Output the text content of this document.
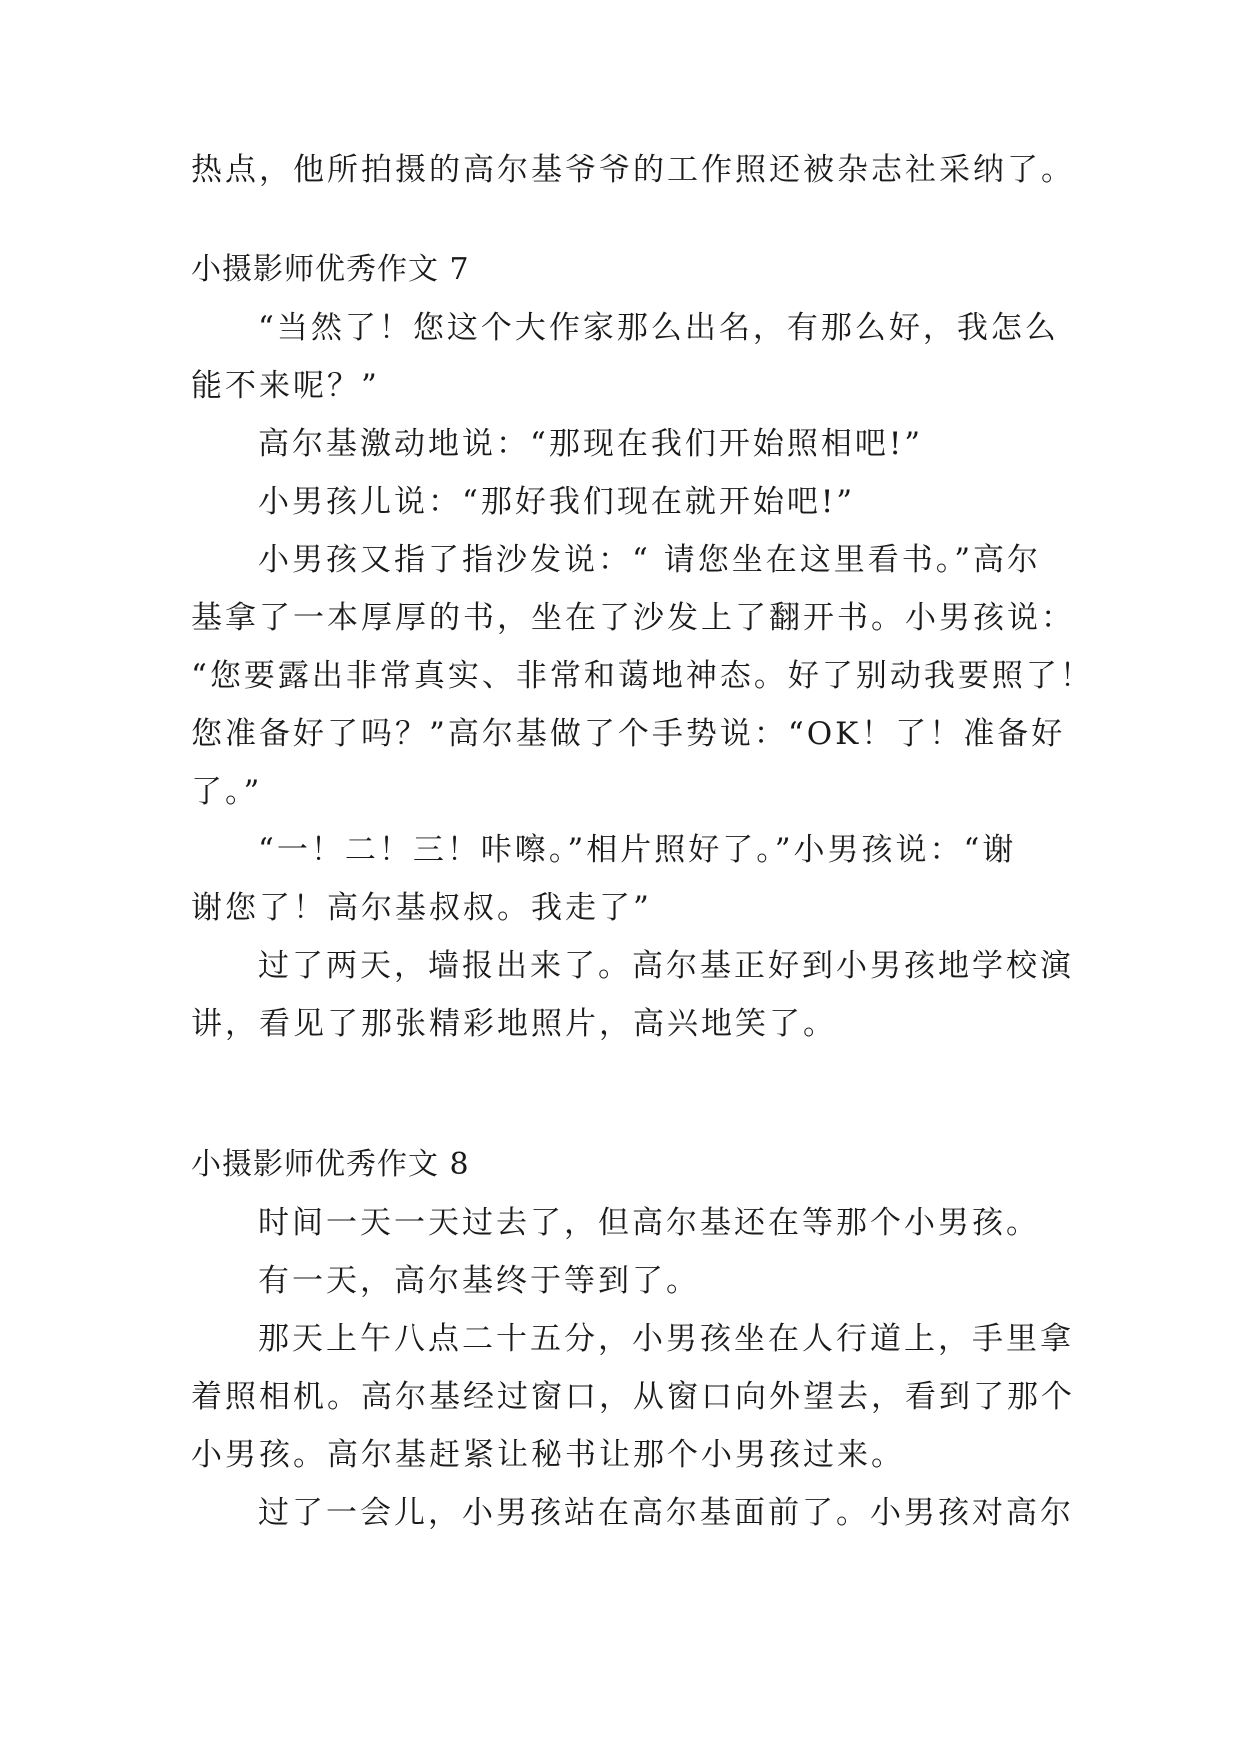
热点，他所拍摄的高尔基爷爷的工作照还被杂志社采纳了。
小摄影师优秀作文 7
“当然了！您这个大作家那么出名，有那么好，我怎么
能不来呢？”
高尔基激动地说：“那现在我们开始照相吧!”
小男孩儿说：“那好我们现在就开始吧!”
小男孩又指了指沙发说：“ 请您坐在这里看书。”高尔
基拿了一本厚厚的书，坐在了沙发上了翻开书。小男孩说：
“您要露出非常真实、非常和蔼地神态。好了别动我要照了！
您准备好了吗？”高尔基做了个手势说：“OK！了！准备好
了。”
“一！二！三！咔嚓。”相片照好了。”小男孩说：“谢
谢您了！高尔基叔叔。我走了”
过了两天，墙报出来了。高尔基正好到小男孩地学校演
讲，看见了那张精彩地照片，高兴地笑了。
小摄影师优秀作文 8
时间一天一天过去了，但高尔基还在等那个小男孩。
有一天，高尔基终于等到了。
那天上午八点二十五分，小男孩坐在人行道上，手里拿
着照相机。高尔基经过窗口，从窗口向外望去，看到了那个
小男孩。高尔基赶紧让秘书让那个小男孩过来。
过了一会儿，小男孩站在高尔基面前了。小男孩对高尔
